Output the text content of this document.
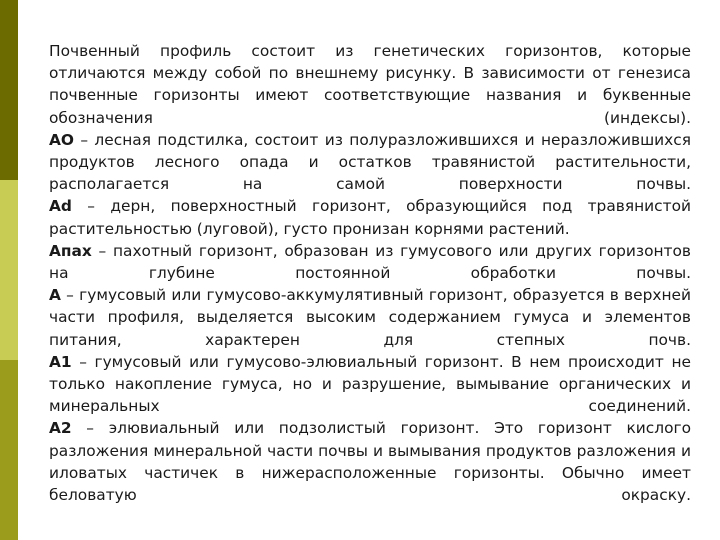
Почвенный профиль состоит из генетических горизонтов, которые отличаются между собой по внешнему рисунку. В зависимости от генезиса почвенные горизонты имеют соответствующие названия и буквенные обозначения (индексы).

АО – лесная подстилка, состоит из полуразложившихся и неразложившихся продуктов лесного опада и остатков травянистой растительности, располагается на самой поверхности почвы.

Ad – дерн, поверхностный горизонт, образующийся под травянистой растительностью (луговой), густо пронизан корнями растений.

Апах – пахотный горизонт, образован из гумусового или других горизонтов на глубине постоянной обработки почвы.

А – гумусовый или гумусово-аккумулятивный горизонт, образуется в верхней части профиля, выделяется высоким содержанием гумуса и элементов питания, характерен для степных почв.

А1 – гумусовый или гумусово-элювиальный горизонт. В нем происходит не только накопление гумуса, но и разрушение, вымывание органических и минеральных соединений.

А2 – элювиальный или подзолистый горизонт. Это горизонт кислого разложения минеральной части почвы и вымывания продуктов разложения и иловатых частичек в нижерасположенные горизонты. Обычно имеет беловатую окраску.
